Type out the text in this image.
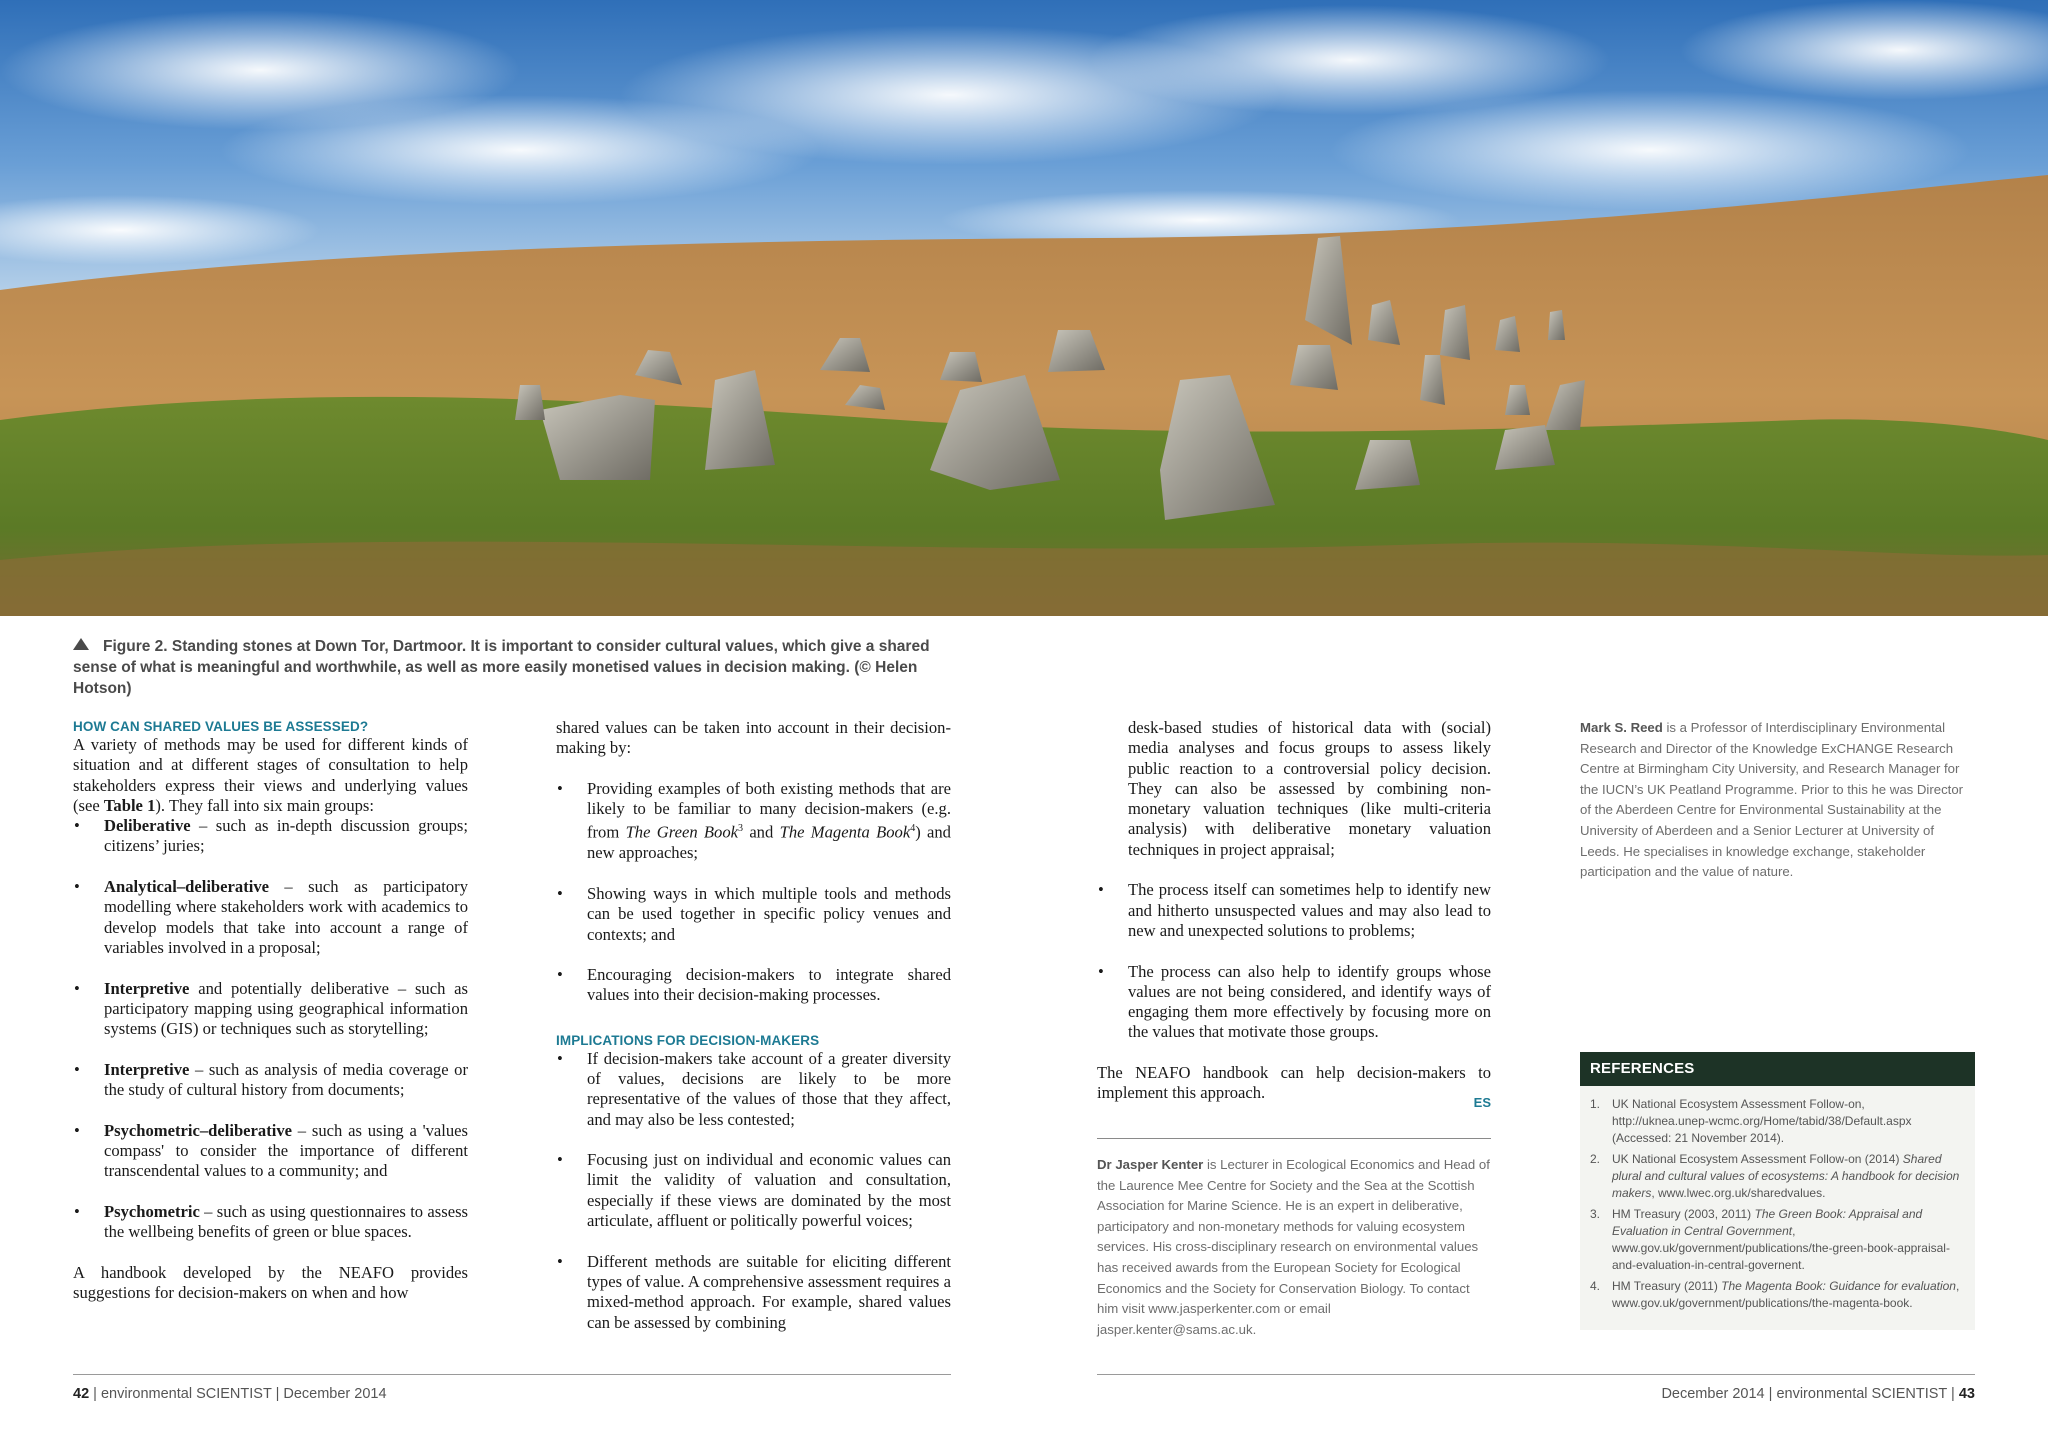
Figure 2. Standing stones at Down Tor, Dartmoor. It is important to consider cultural values, which give a shared sense of what is meaningful and worthwhile, as well as more easily monetised values in decision making. (© Helen Hotson)
HOW CAN SHARED VALUES BE ASSESSED?

A variety of methods may be used for different kinds of situation and at different stages of consultation to help stakeholders express their views and underlying values (see Table 1). They fall into six main groups:

• Deliberative – such as in-depth discussion groups; citizens’ juries;
• Analytical–deliberative – such as participatory modelling where stakeholders work with academics to develop models that take into account a range of variables involved in a proposal;
• Interpretive and potentially deliberative – such as participatory mapping using geographical information systems (GIS) or techniques such as storytelling;
• Interpretive – such as analysis of media coverage or the study of cultural history from documents;
• Psychometric–deliberative – such as using a 'values compass' to consider the importance of different transcendental values to a community; and
• Psychometric – such as using questionnaires to assess the wellbeing benefits of green or blue spaces.

A handbook developed by the NEAFO provides suggestions for decision-makers on when and how

shared values can be taken into account in their decision-making by:

• Providing examples of both existing methods that are likely to be familiar to many decision-makers (e.g. from The Green Book$^3$ and The Magenta Book$^4$) and new approaches;
• Showing ways in which multiple tools and methods can be used together in specific policy venues and contexts; and
• Encouraging decision-makers to integrate shared values into their decision-making processes.
IMPLICATIONS FOR DECISION-MAKERS
• If decision-makers take account of a greater diversity of values, decisions are likely to be more representative of the values of those that they affect, and may also be less contested;
• Focusing just on individual and economic values can limit the validity of valuation and consultation, especially if these views are dominated by the most articulate, affluent or politically powerful voices;
• Different methods are suitable for eliciting different types of value. A comprehensive assessment requires a mixed-method approach. For example, shared values can be assessed by combining

desk-based studies of historical data with (social) media analyses and focus groups to assess likely public reaction to a controversial policy decision. They can also be assessed by combining non-monetary valuation techniques (like multi-criteria analysis) with deliberative monetary valuation techniques in project appraisal;

• The process itself can sometimes help to identify new and hitherto unsuspected values and may also lead to new and unexpected solutions to problems;
• The process can also help to identify groups whose values are not being considered, and identify ways of engaging them more effectively by focusing more on the values that motivate those groups.

The NEAFO handbook can help decision-makers to implement this approach.
ES

Dr Jasper Kenter is Lecturer in Ecological Economics and Head of the Laurence Mee Centre for Society and the Sea at the Scottish Association for Marine Science. He is an expert in deliberative, participatory and non-monetary methods for valuing ecosystem services. His cross-disciplinary research on environmental values has received awards from the European Society for Ecological Economics and the Society for Conservation Biology. To contact him visit www.jasperkenter.com or email jasper.kenter@sams.ac.uk.
Mark S. Reed is a Professor of Interdisciplinary Environmental Research and Director of the Knowledge ExCHANGE Research Centre at Birmingham City University, and Research Manager for the IUCN’s UK Peatland Programme. Prior to this he was Director of the Aberdeen Centre for Environmental Sustainability at the University of Aberdeen and a Senior Lecturer at University of Leeds. He specialises in knowledge exchange, stakeholder participation and the value of nature.
REFERENCES
1. UK National Ecosystem Assessment Follow-on, http://uknea.unep-wcmc.org/Home/tabid/38/Default.aspx (Accessed: 21 November 2014).
2. UK National Ecosystem Assessment Follow-on (2014) Shared plural and cultural values of ecosystems: A handbook for decision makers, www.lwec.org.uk/sharedvalues.
3. HM Treasury (2003, 2011) The Green Book: Appraisal and Evaluation in Central Government, www.gov.uk/government/publications/the-green-book-appraisal-and-evaluation-in-central-governent.
4. HM Treasury (2011) The Magenta Book: Guidance for evaluation, www.gov.uk/government/publications/the-magenta-book.
42 | environmental SCIENTIST | December 2014	December 2014 | environmental SCIENTIST | 43
